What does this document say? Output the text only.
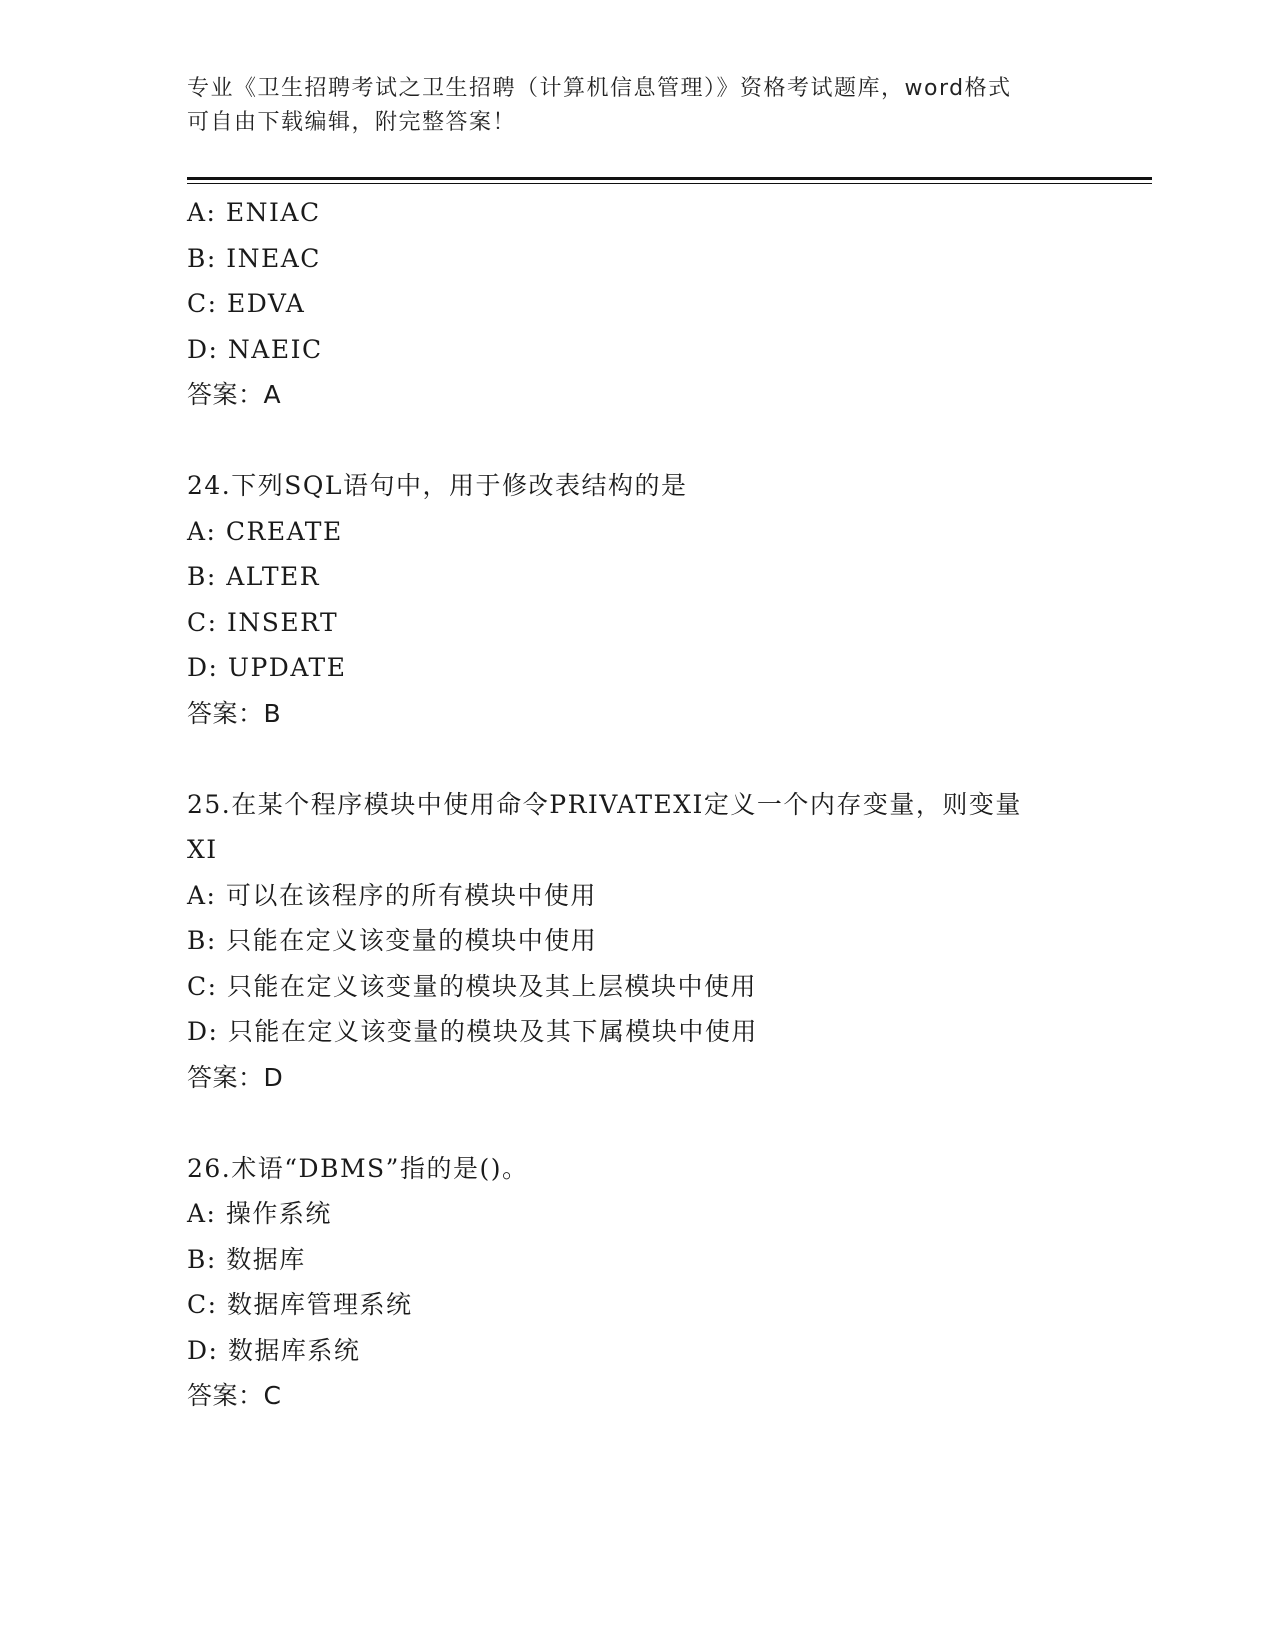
专业《卫生招聘考试之卫生招聘（计算机信息管理）》资格考试题库，word格式
可自由下载编辑，附完整答案！
A: ENIAC
B: INEAC
C: EDVA
D: NAEIC
答案：A
24.下列SQL语句中，用于修改表结构的是
A: CREATE
B: ALTER
C: INSERT
D: UPDATE
答案：B
25.在某个程序模块中使用命令PRIVATEXI定义一个内存变量，则变量
XI
A: 可以在该程序的所有模块中使用
B: 只能在定义该变量的模块中使用
C: 只能在定义该变量的模块及其上层模块中使用
D: 只能在定义该变量的模块及其下属模块中使用
答案：D
26.术语“DBMS”指的是()。
A: 操作系统
B: 数据库
C: 数据库管理系统
D: 数据库系统
答案：C
